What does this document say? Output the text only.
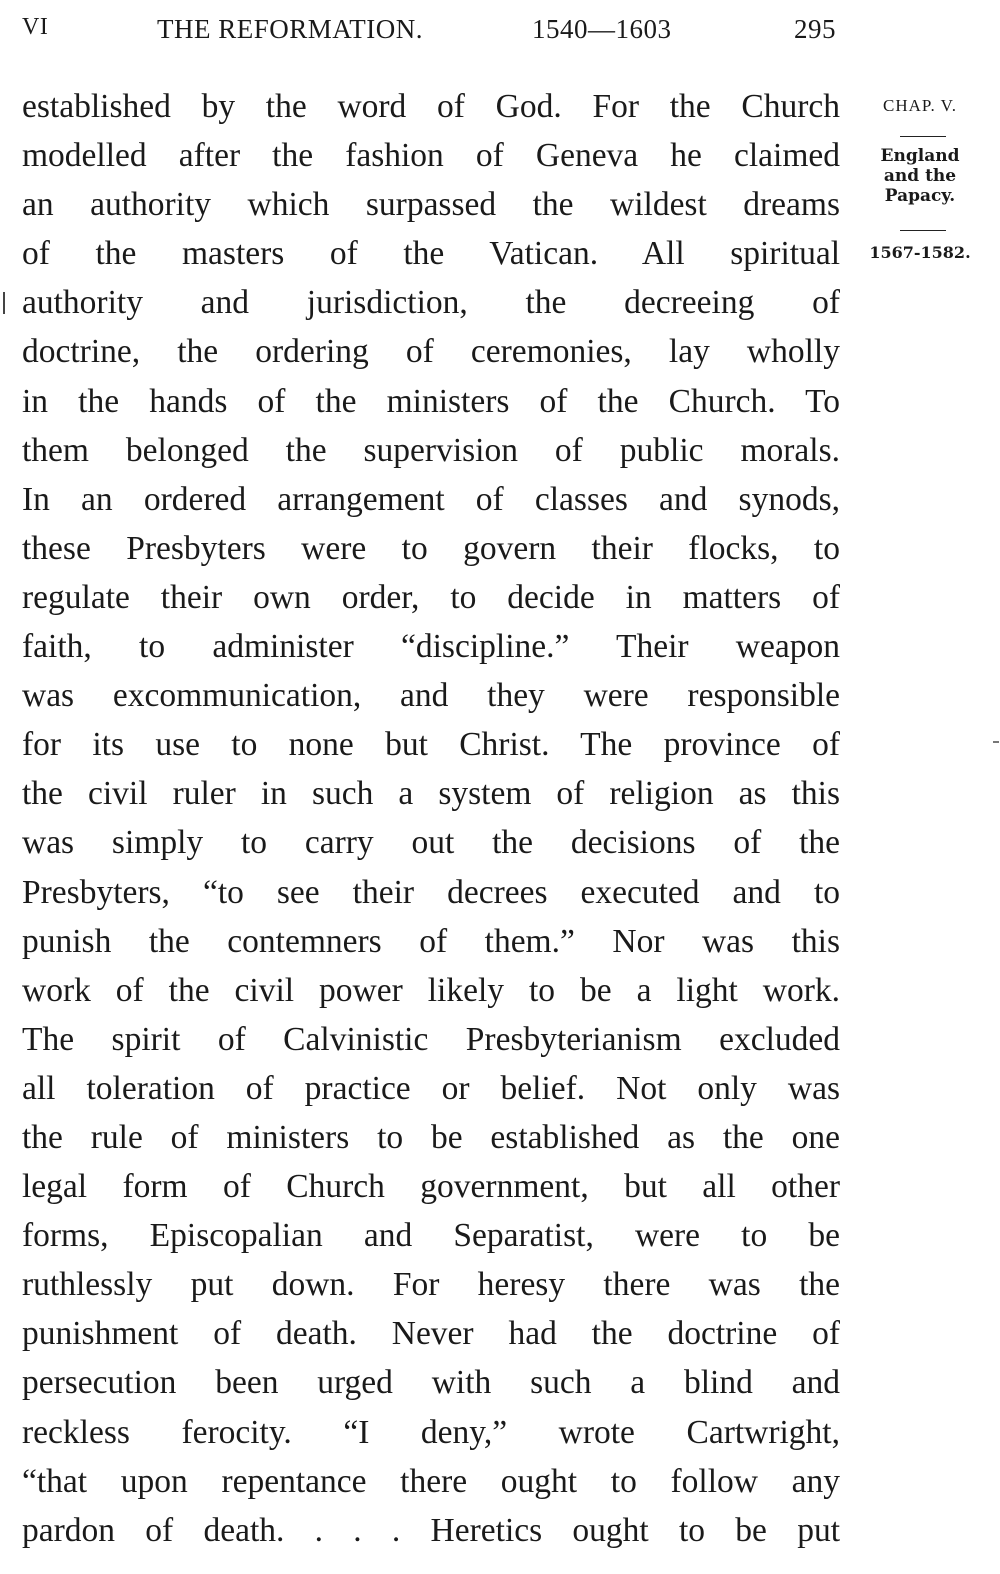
VI	THE REFORMATION.	1540—1603	295
established by the word of God. For the Church
modelled after the fashion of Geneva he claimed
an authority which surpassed the wildest dreams
of the masters of the Vatican. All spiritual
authority and jurisdiction, the decreeing of
doctrine, the ordering of ceremonies, lay wholly
in the hands of the ministers of the Church. To
them belonged the supervision of public morals.
In an ordered arrangement of classes and synods,
these Presbyters were to govern their flocks, to
regulate their own order, to decide in matters of
faith, to administer “discipline.” Their weapon
was excommunication, and they were responsible
for its use to none but Christ. The province of
the civil ruler in such a system of religion as this
was simply to carry out the decisions of the
Presbyters, “to see their decrees executed and to
punish the contemners of them.” Nor was this
work of the civil power likely to be a light work.
The spirit of Calvinistic Presbyterianism excluded
all toleration of practice or belief. Not only was
the rule of ministers to be established as the one
legal form of Church government, but all other
forms, Episcopalian and Separatist, were to be
ruthlessly put down. For heresy there was the
punishment of death. Never had the doctrine of
persecution been urged with such a blind and
reckless ferocity. “I deny,” wrote Cartwright,
“that upon repentance there ought to follow any
pardon of death. . . . Heretics ought to be put
CHAP. V.
England
and the
Papacy.
1567-1582.
